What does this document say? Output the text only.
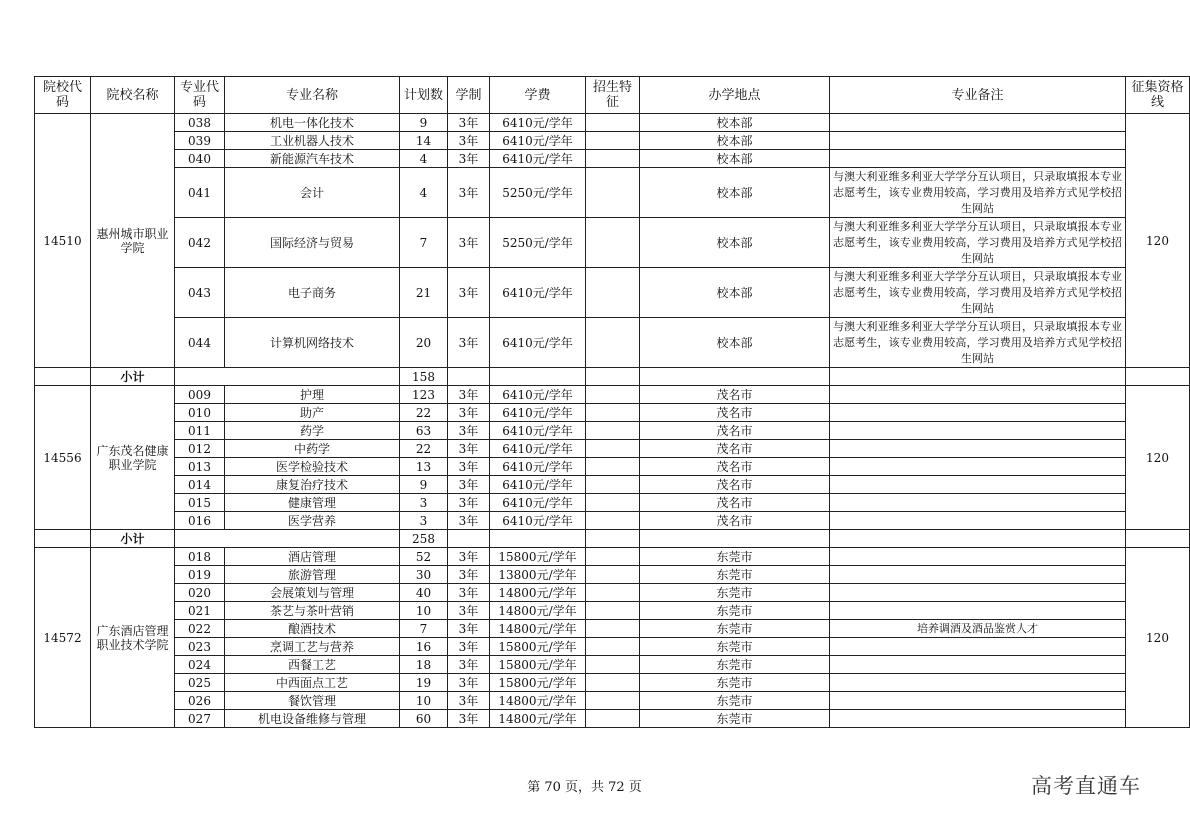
院校代码	院校名称	专业代码	专业名称	计划数	学制	学费	招生特征	办学地点	专业备注	征集资格线
14510	惠州城市职业学院	038	机电一体化技术	9	3年	6410元/学年		校本部		120
		039	工业机器人技术	14	3年	6410元/学年		校本部		
		040	新能源汽车技术	4	3年	6410元/学年		校本部		
		041	会计	4	3年	5250元/学年		校本部	与澳大利亚维多利亚大学学分互认项目，只录取填报本专业志愿考生，该专业费用较高，学习费用及培养方式见学校招生网站	
		042	国际经济与贸易	7	3年	5250元/学年		校本部	与澳大利亚维多利亚大学学分互认项目，只录取填报本专业志愿考生，该专业费用较高，学习费用及培养方式见学校招生网站	
		043	电子商务	21	3年	6410元/学年		校本部	与澳大利亚维多利亚大学学分互认项目，只录取填报本专业志愿考生，该专业费用较高，学习费用及培养方式见学校招生网站	
		044	计算机网络技术	20	3年	6410元/学年		校本部	与澳大利亚维多利亚大学学分互认项目，只录取填报本专业志愿考生，该专业费用较高，学习费用及培养方式见学校招生网站	
	小计			158						
14556	广东茂名健康职业学院	009	护理	123	3年	6410元/学年		茂名市		120
		010	助产	22	3年	6410元/学年		茂名市		
		011	药学	63	3年	6410元/学年		茂名市		
		012	中药学	22	3年	6410元/学年		茂名市		
		013	医学检验技术	13	3年	6410元/学年		茂名市		
		014	康复治疗技术	9	3年	6410元/学年		茂名市		
		015	健康管理	3	3年	6410元/学年		茂名市		
		016	医学营养	3	3年	6410元/学年		茂名市		
	小计			258						
14572	广东酒店管理职业技术学院	018	酒店管理	52	3年	15800元/学年		东莞市		120
		019	旅游管理	30	3年	13800元/学年		东莞市		
		020	会展策划与管理	40	3年	14800元/学年		东莞市		
		021	茶艺与茶叶营销	10	3年	14800元/学年		东莞市		
		022	酿酒技术	7	3年	14800元/学年		东莞市	培养调酒及酒品鉴赏人才	
		023	烹调工艺与营养	16	3年	15800元/学年		东莞市		
		024	西餐工艺	18	3年	15800元/学年		东莞市		
		025	中西面点工艺	19	3年	15800元/学年		东莞市		
		026	餐饮管理	10	3年	14800元/学年		东莞市		
		027	机电设备维修与管理	60	3年	14800元/学年		东莞市		
第 70 页，共 72 页	高考直通车
